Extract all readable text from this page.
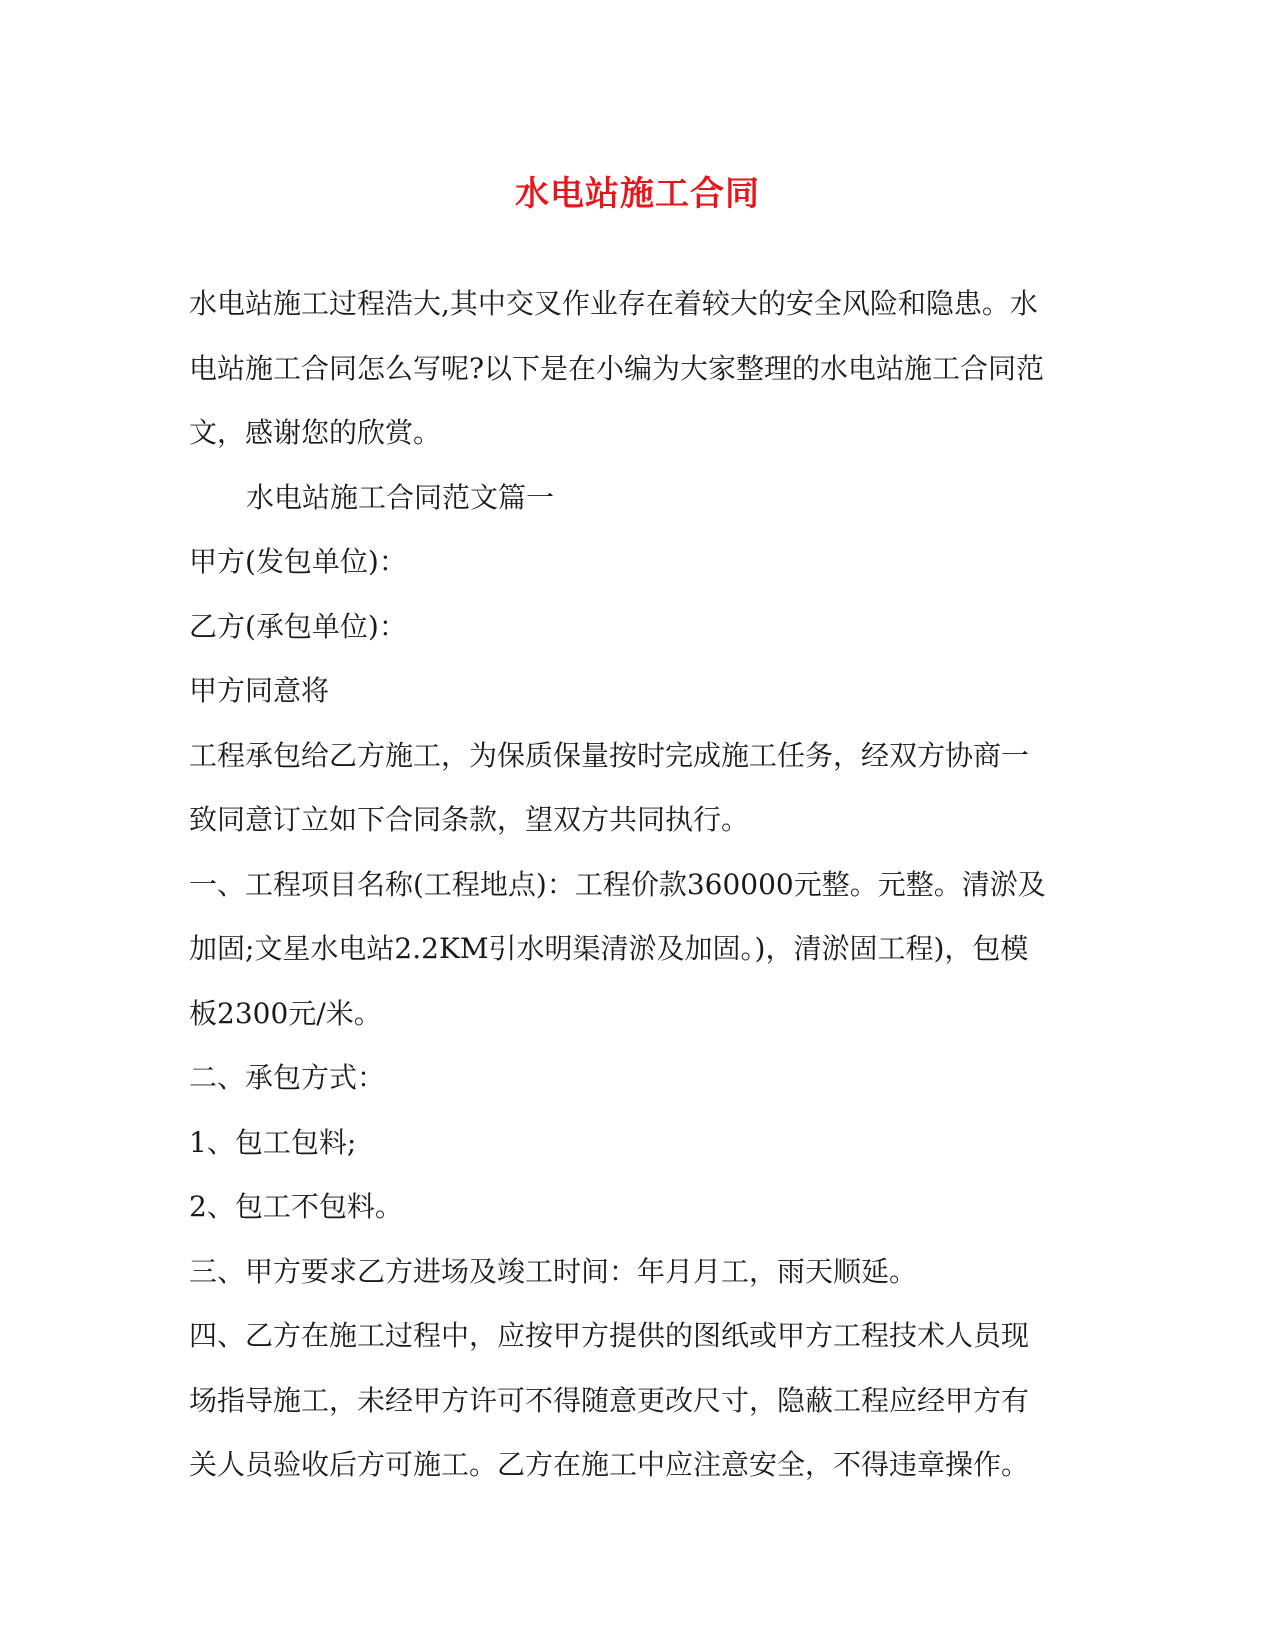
水电站施工合同
水电站施工过程浩大,其中交叉作业存在着较大的安全风险和隐患。水
电站施工合同怎么写呢?以下是在小编为大家整理的水电站施工合同范
文，感谢您的欣赏。
水电站施工合同范文篇一
甲方(发包单位)：
乙方(承包单位)：
甲方同意将
工程承包给乙方施工，为保质保量按时完成施工任务，经双方协商一
致同意订立如下合同条款，望双方共同执行。
一、工程项目名称(工程地点)：工程价款360000元整。元整。清淤及
加固;文星水电站2.2KM引水明渠清淤及加固。)，清淤固工程)，包模
板2300元/米。
二、承包方式：
1、包工包料;
2、包工不包料。
三、甲方要求乙方进场及竣工时间：年月月工，雨天顺延。
四、乙方在施工过程中，应按甲方提供的图纸或甲方工程技术人员现
场指导施工，未经甲方许可不得随意更改尺寸，隐蔽工程应经甲方有
关人员验收后方可施工。乙方在施工中应注意安全，不得违章操作。
